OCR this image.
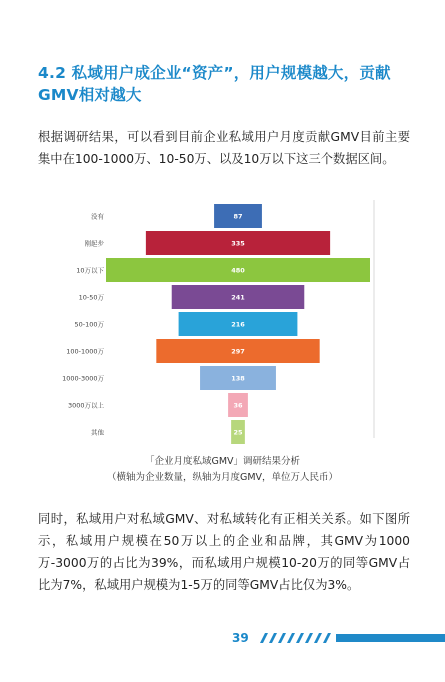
4.2 私域用户成企业“资产”，用户规模越大，贡献GMV相对越大
根据调研结果，可以看到目前企业私域用户月度贡献GMV目前主要集中在100-1000万、10-50万、以及10万以下这三个数据区间。
没有	87
刚起步	335
10万以下	480
10-50万	241
50-100万	216
100-1000万	297
1000-3000万	138
3000万以上	36
其他	25
「企业月度私域GMV」调研结果分析
（横轴为企业数量，纵轴为月度GMV，单位万人民币）
同时，私域用户对私域GMV、对私域转化有正相关关系。如下图所示，私域用户规模在50万以上的企业和品牌，其GMV为1000万-3000万的占比为39%，而私域用户规模10-20万的同等GMV占比为7%，私域用户规模为1-5万的同等GMV占比仅为3%。
39
